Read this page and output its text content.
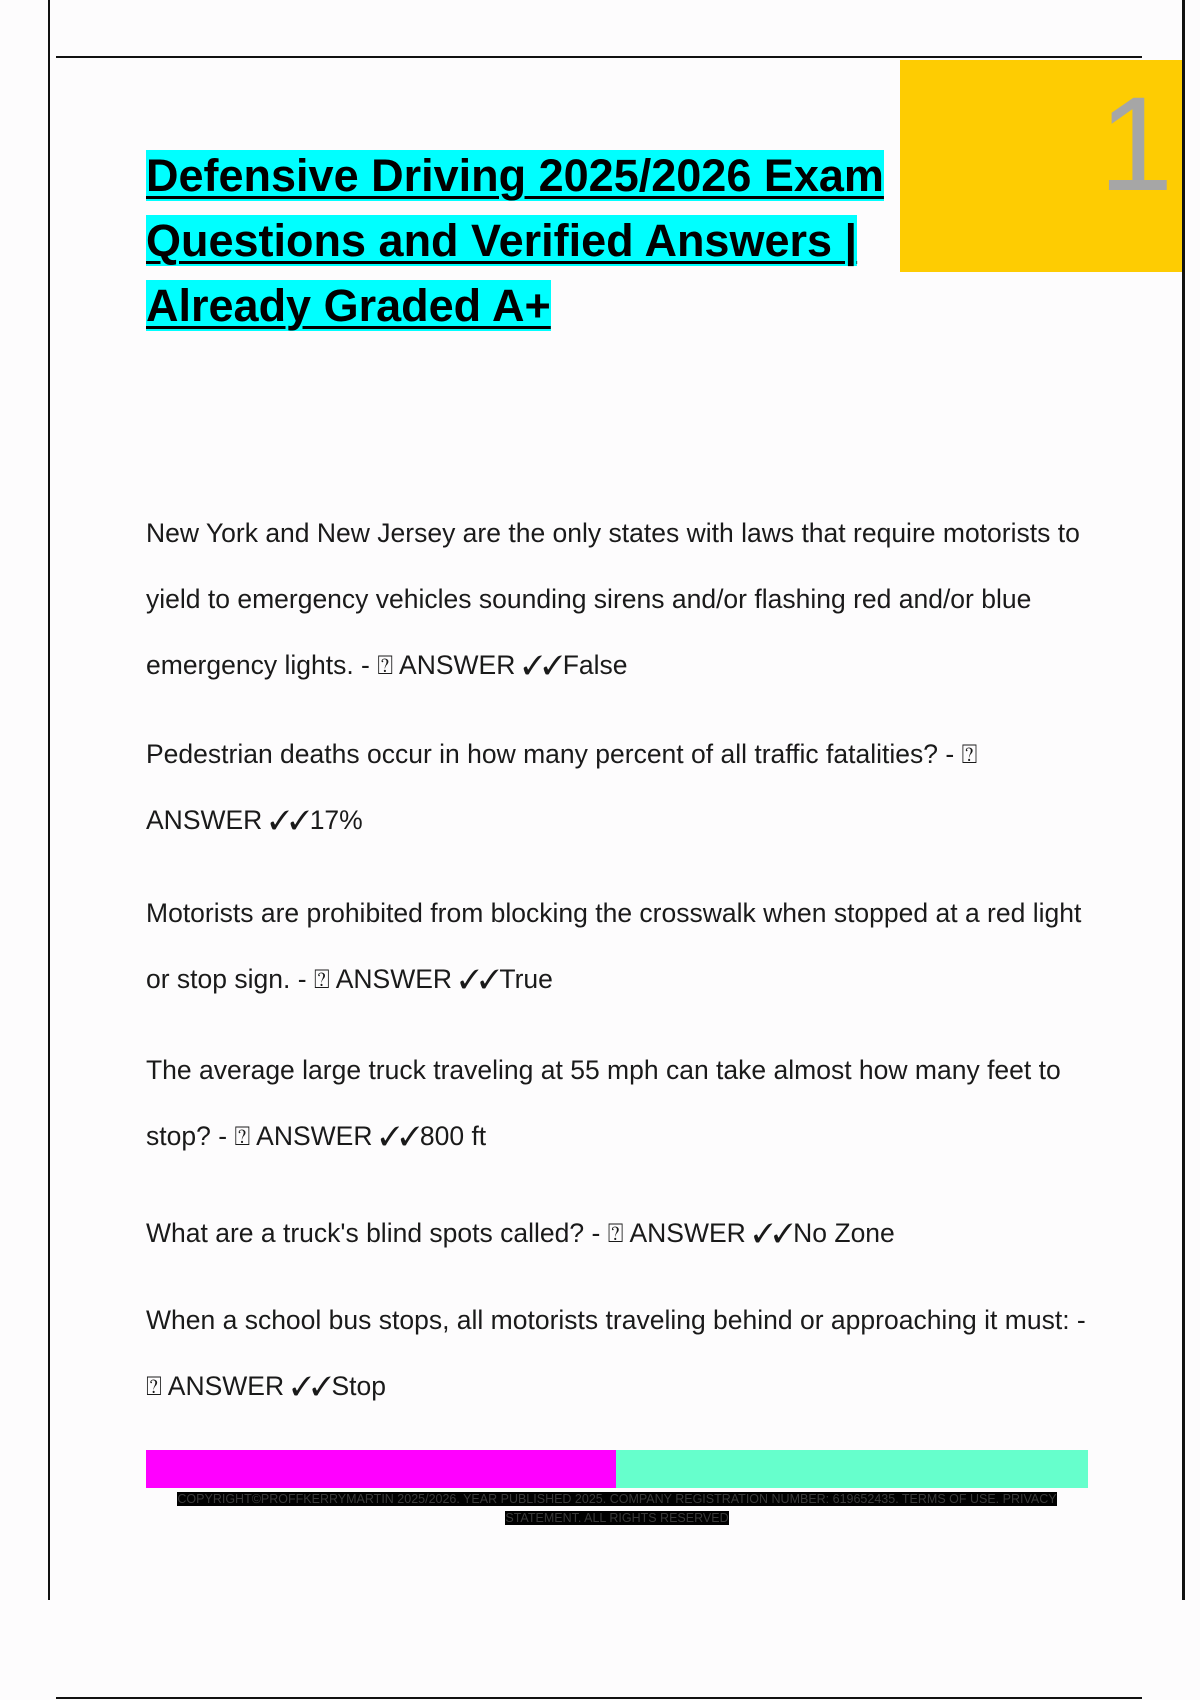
1
Defensive Driving 2025/2026 Exam Questions and Verified Answers | Already Graded A+

New York and New Jersey are the only states with laws that require motorists to yield to emergency vehicles sounding sirens and/or flashing red and/or blue emergency lights. - ⍰ ANSWER ✓✓False

Pedestrian deaths occur in how many percent of all traffic fatalities? - ⍰ ANSWER ✓✓17%

Motorists are prohibited from blocking the crosswalk when stopped at a red light or stop sign. - ⍰ ANSWER ✓✓True

The average large truck traveling at 55 mph can take almost how many feet to stop? - ⍰ ANSWER ✓✓800 ft

What are a truck's blind spots called? - ⍰ ANSWER ✓✓No Zone

When a school bus stops, all motorists traveling behind or approaching it must: - ⍰ ANSWER ✓✓Stop

COPYRIGHT©PROFFKERRYMARTIN 2025/2026. YEAR PUBLISHED 2025. COMPANY REGISTRATION NUMBER: 619652435. TERMS OF USE. PRIVACY STATEMENT. ALL RIGHTS RESERVED
